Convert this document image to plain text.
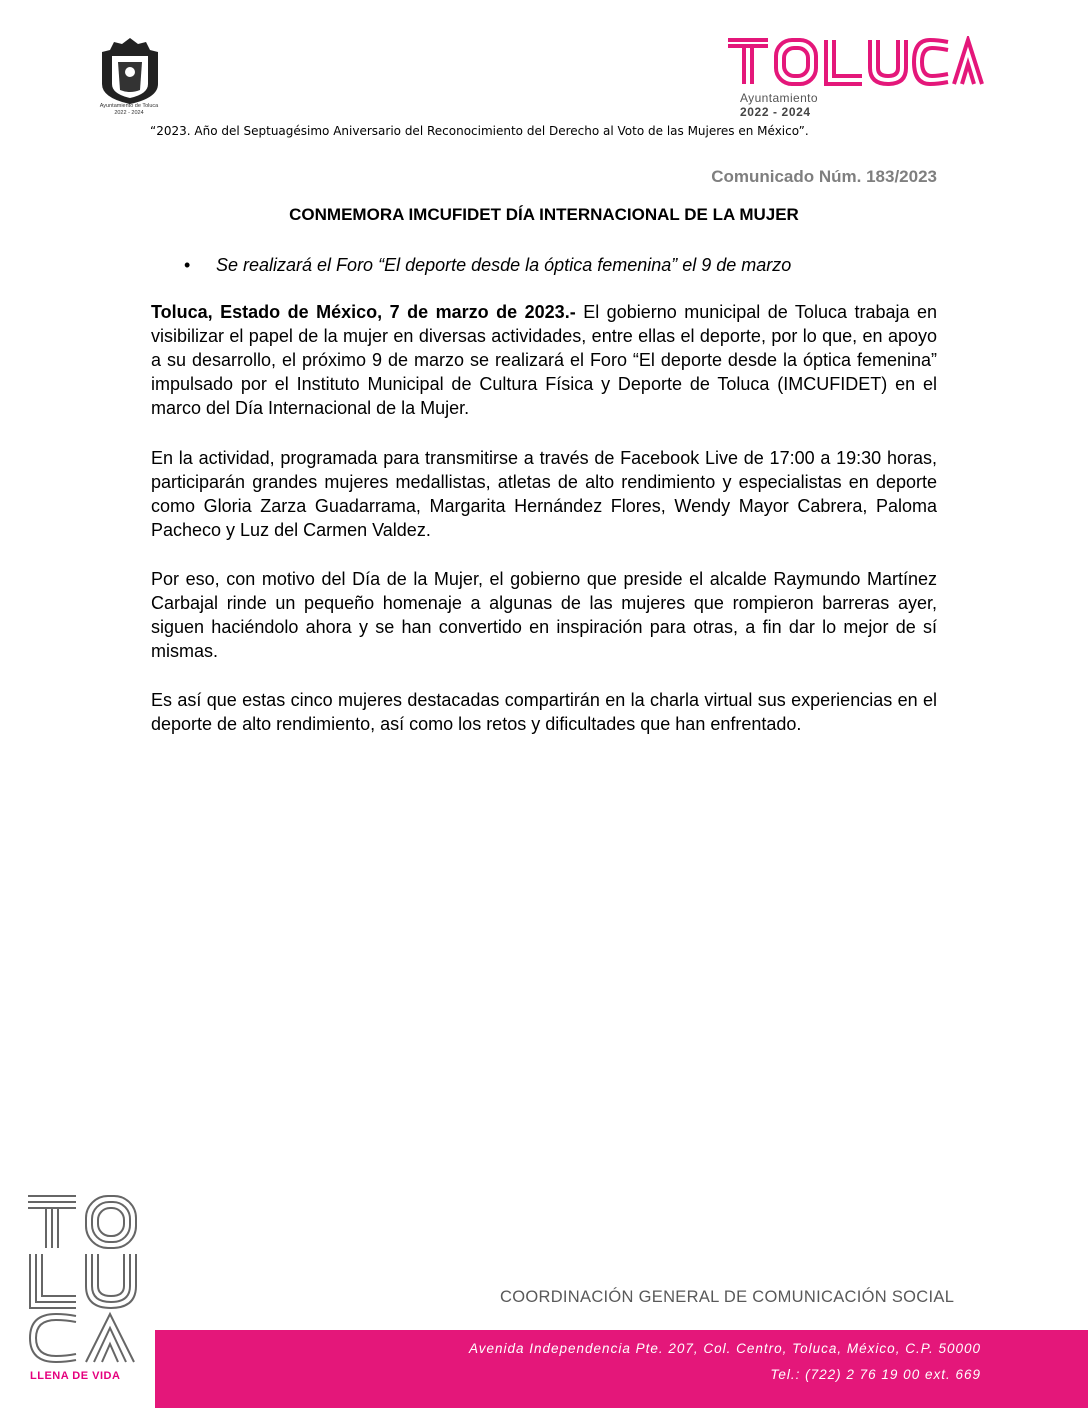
Ayuntamiento de Toluca
2022 - 2024
Ayuntamiento
2022 - 2024
“2023. Año del Septuagésimo Aniversario del Reconocimiento del Derecho al Voto de las Mujeres en México”.
Comunicado Núm. 183/2023
CONMEMORA IMCUFIDET DÍA INTERNACIONAL DE LA MUJER
• Se realizará el Foro “El deporte desde la óptica femenina” el 9 de marzo
Toluca, Estado de México, 7 de marzo de 2023.- El gobierno municipal de Toluca trabaja en visibilizar el papel de la mujer en diversas actividades, entre ellas el deporte, por lo que, en apoyo a su desarrollo, el próximo 9 de marzo se realizará el Foro “El deporte desde la óptica femenina” impulsado por el Instituto Municipal de Cultura Física y Deporte de Toluca (IMCUFIDET) en el marco del Día Internacional de la Mujer.
En la actividad, programada para transmitirse a través de Facebook Live de 17:00 a 19:30 horas, participarán grandes mujeres medallistas, atletas de alto rendimiento y especialistas en deporte como Gloria Zarza Guadarrama, Margarita Hernández Flores, Wendy Mayor Cabrera, Paloma Pacheco y Luz del Carmen Valdez.
Por eso, con motivo del Día de la Mujer, el gobierno que preside el alcalde Raymundo Martínez Carbajal rinde un pequeño homenaje a algunas de las mujeres que rompieron barreras ayer, siguen haciéndolo ahora y se han convertido en inspiración para otras, a fin dar lo mejor de sí mismas.
Es así que estas cinco mujeres destacadas compartirán en la charla virtual sus experiencias en el deporte de alto rendimiento, así como los retos y dificultades que han enfrentado.
LLENA DE VIDA
COORDINACIÓN GENERAL DE COMUNICACIÓN SOCIAL
Avenida Independencia Pte. 207, Col. Centro, Toluca, México, C.P. 50000
Tel.: (722) 2 76 19 00 ext. 669
